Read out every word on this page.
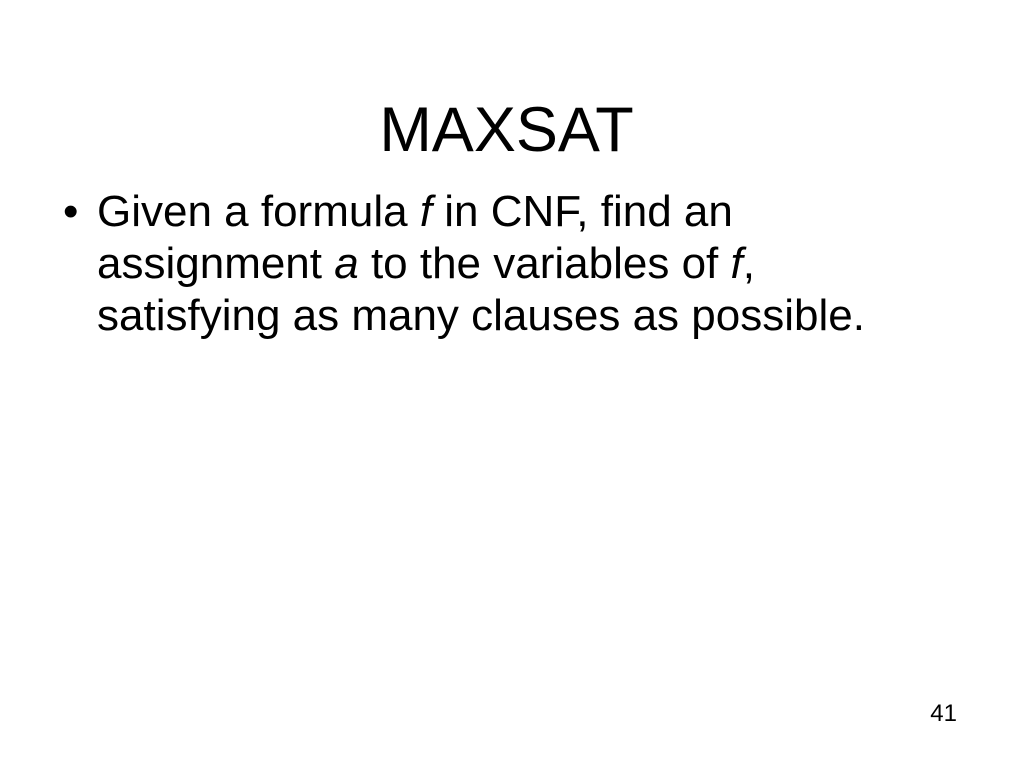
MAXSAT
• Given a formula f in CNF, find an assignment a to the variables of f, satisfying as many clauses as possible.
41
